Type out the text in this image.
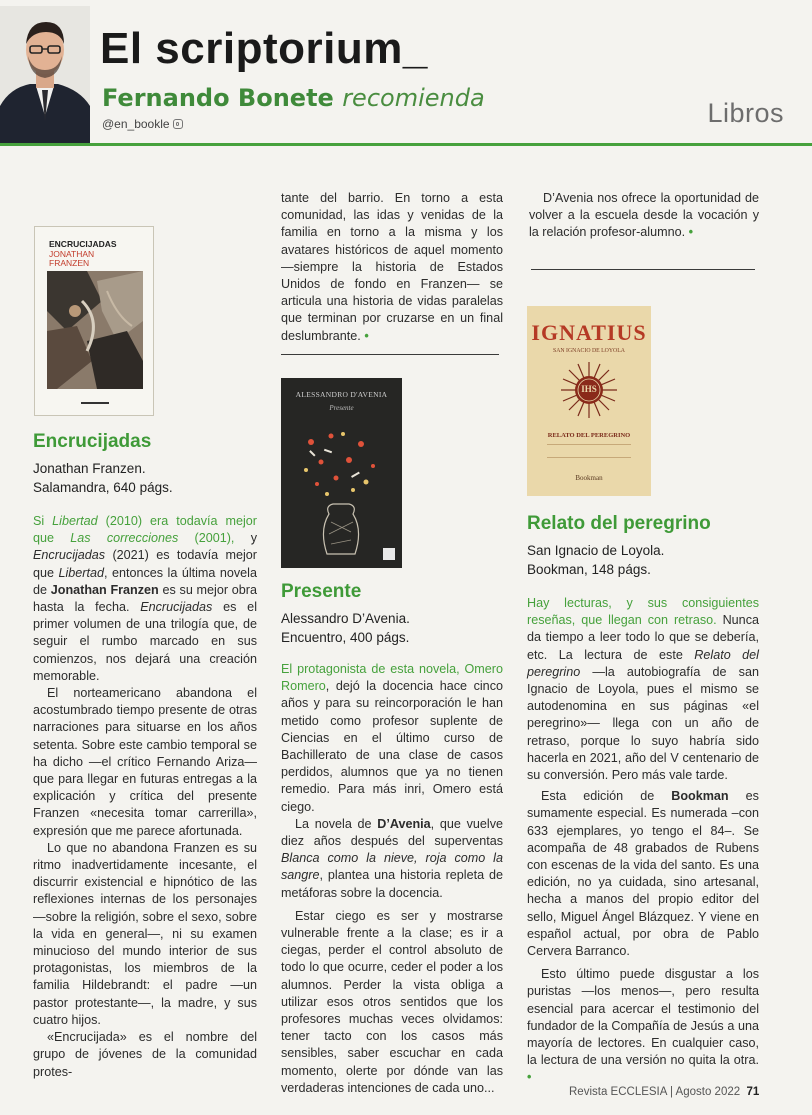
El scriptorium_
Fernando Bonete recomienda
@en_bookle	Libros
ENCRUCIJADAS
JONATHAN
FRANZEN
Encrucijadas
Jonathan Franzen.
Salamandra, 640 págs.

Si Libertad (2010) era todavía mejor que Las correcciones (2001), y Encrucijadas (2021) es todavía mejor que Libertad, entonces la última novela de Jonathan Franzen es su mejor obra hasta la fecha. Encrucijadas es el primer volumen de una trilogía que, de seguir el rumbo marcado en sus comienzos, nos dejará una creación memorable.

El norteamericano abandona el acostumbrado tiempo presente de otras narraciones para situarse en los años setenta. Sobre este cambio temporal se ha dicho —el crítico Fernando Ariza— que para llegar en futuras entregas a la explicación y crítica del presente Franzen «necesita tomar carrerilla», expresión que me parece afortunada.

Lo que no abandona Franzen es su ritmo inadvertidamente incesante, el discurrir existencial e hipnótico de las reflexiones internas de los personajes —sobre la religión, sobre el sexo, sobre la vida en general—, ni su examen minucioso del mundo interior de sus protagonistas, los miembros de la familia Hildebrandt: el padre —un pastor protestante—, la madre, y sus cuatro hijos.

«Encrucijada» es el nombre del grupo de jóvenes de la comunidad protes-

tante del barrio. En torno a esta comunidad, las idas y venidas de la familia en torno a la misma y los avatares históricos de aquel momento —siempre la historia de Estados Unidos de fondo en Franzen— se articula una historia de vidas paralelas que terminan por cruzarse en un final deslumbrante. •

ALESSANDRO D'AVENIA
Presente
Presente
Alessandro D’Avenia.
Encuentro, 400 págs.

El protagonista de esta novela, Omero Romero, dejó la docencia hace cinco años y para su reincorporación le han metido como profesor suplente de Ciencias en el último curso de Bachillerato de una clase de casos perdidos, alumnos que ya no tienen remedio. Para más inri, Omero está ciego.

La novela de D’Avenia, que vuelve diez años después del superventas Blanca como la nieve, roja como la sangre, plantea una historia repleta de metáforas sobre la docencia.

Estar ciego es ser y mostrarse vulnerable frente a la clase; es ir a ciegas, perder el control absoluto de todo lo que ocurre, ceder el poder a los alumnos. Perder la vista obliga a utilizar esos otros sentidos que los profesores muchas veces olvidamos: tener tacto con los casos más sensibles, saber escuchar en cada momento, olerte por dónde van las verdaderas intenciones de cada uno...

D’Avenia nos ofrece la oportunidad de volver a la escuela desde la vocación y la relación profesor-alumno. •

IGNATIUS
SAN IGNACIO DE LOYOLA
IHS
RELATO DEL PEREGRINO
Bookman
Relato del peregrino
San Ignacio de Loyola.
Bookman, 148 págs.

Hay lecturas, y sus consiguientes reseñas, que llegan con retraso. Nunca da tiempo a leer todo lo que se debería, etc. La lectura de este Relato del peregrino —la autobiografía de san Ignacio de Loyola, pues el mismo se autodenomina en sus páginas «el peregrino»— llega con un año de retraso, porque lo suyo habría sido hacerla en 2021, año del V centenario de su conversión. Pero más vale tarde.

Esta edición de Bookman es sumamente especial. Es numerada –con 633 ejemplares, yo tengo el 84–. Se acompaña de 48 grabados de Rubens con escenas de la vida del santo. Es una edición, no ya cuidada, sino artesanal, hecha a manos del propio editor del sello, Miguel Ángel Blázquez. Y viene en español actual, por obra de Pablo Cervera Barranco.

Esto último puede disgustar a los puristas —los menos—, pero resulta esencial para acercar el testimonio del fundador de la Compañía de Jesús a una mayoría de lectores. En cualquier caso, la lectura de una versión no quita la otra. •

Revista ECCLESIA | Agosto 2022 71
